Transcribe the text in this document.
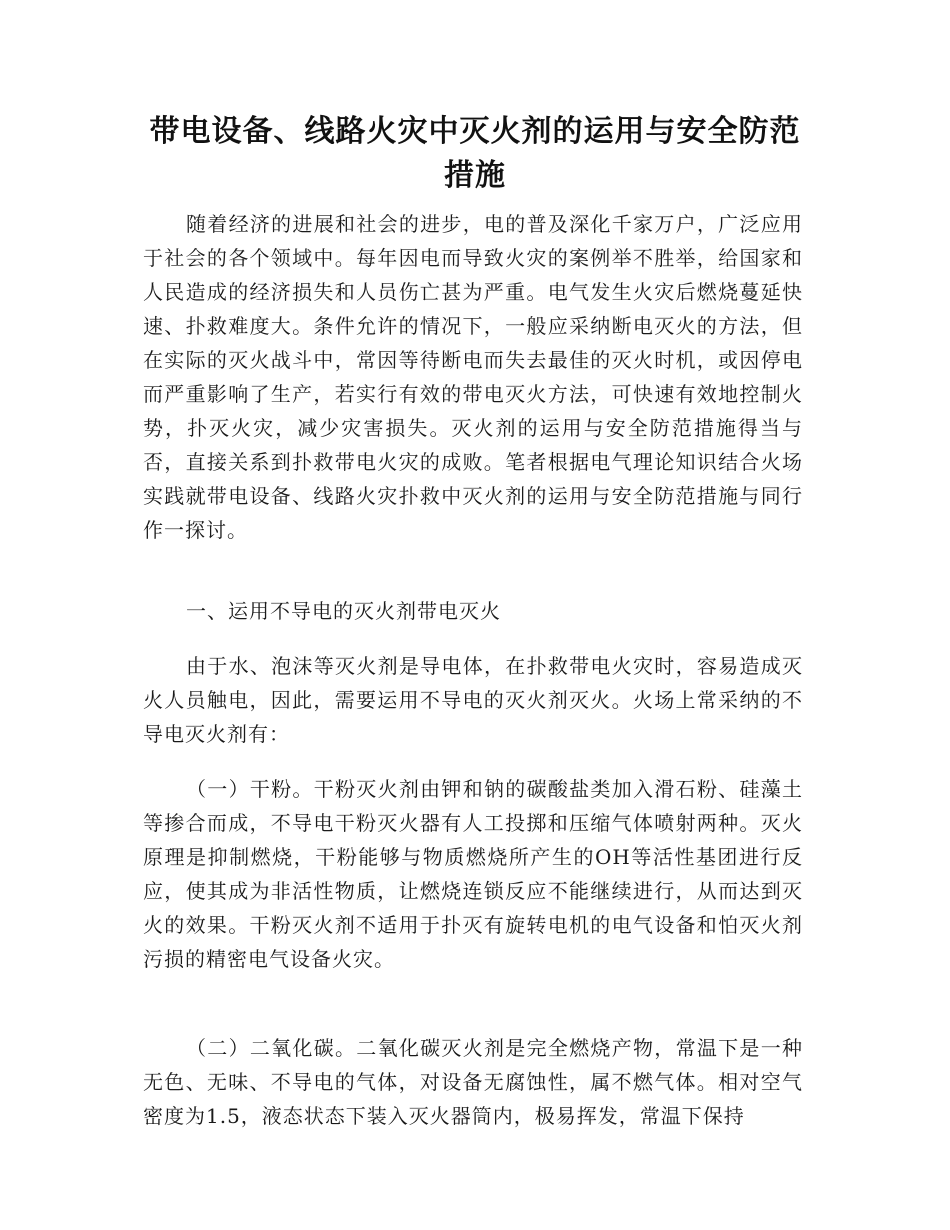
带电设备、线路火灾中灭火剂的运用与安全防范措施

随着经济的进展和社会的进步，电的普及深化千家万户，广泛应用于社会的各个领域中。每年因电而导致火灾的案例举不胜举，给国家和人民造成的经济损失和人员伤亡甚为严重。电气发生火灾后燃烧蔓延快速、扑救难度大。条件允许的情况下，一般应采纳断电灭火的方法，但在实际的灭火战斗中，常因等待断电而失去最佳的灭火时机，或因停电而严重影响了生产，若实行有效的带电灭火方法，可快速有效地控制火势，扑灭火灾，减少灾害损失。灭火剂的运用与安全防范措施得当与否，直接关系到扑救带电火灾的成败。笔者根据电气理论知识结合火场实践就带电设备、线路火灾扑救中灭火剂的运用与安全防范措施与同行作一探讨。

一、运用不导电的灭火剂带电灭火

由于水、泡沫等灭火剂是导电体，在扑救带电火灾时，容易造成灭火人员触电，因此，需要运用不导电的灭火剂灭火。火场上常采纳的不导电灭火剂有：

（一）干粉。干粉灭火剂由钾和钠的碳酸盐类加入滑石粉、硅藻土等掺合而成，不导电干粉灭火器有人工投掷和压缩气体喷射两种。灭火原理是抑制燃烧，干粉能够与物质燃烧所产生的OH等活性基团进行反应，使其成为非活性物质，让燃烧连锁反应不能继续进行，从而达到灭火的效果。干粉灭火剂不适用于扑灭有旋转电机的电气设备和怕灭火剂污损的精密电气设备火灾。

（二）二氧化碳。二氧化碳灭火剂是完全燃烧产物，常温下是一种无色、无味、不导电的气体，对设备无腐蚀性，属不燃气体。相对空气密度为1.5，液态状态下装入灭火器筒内，极易挥发，常温下保持
